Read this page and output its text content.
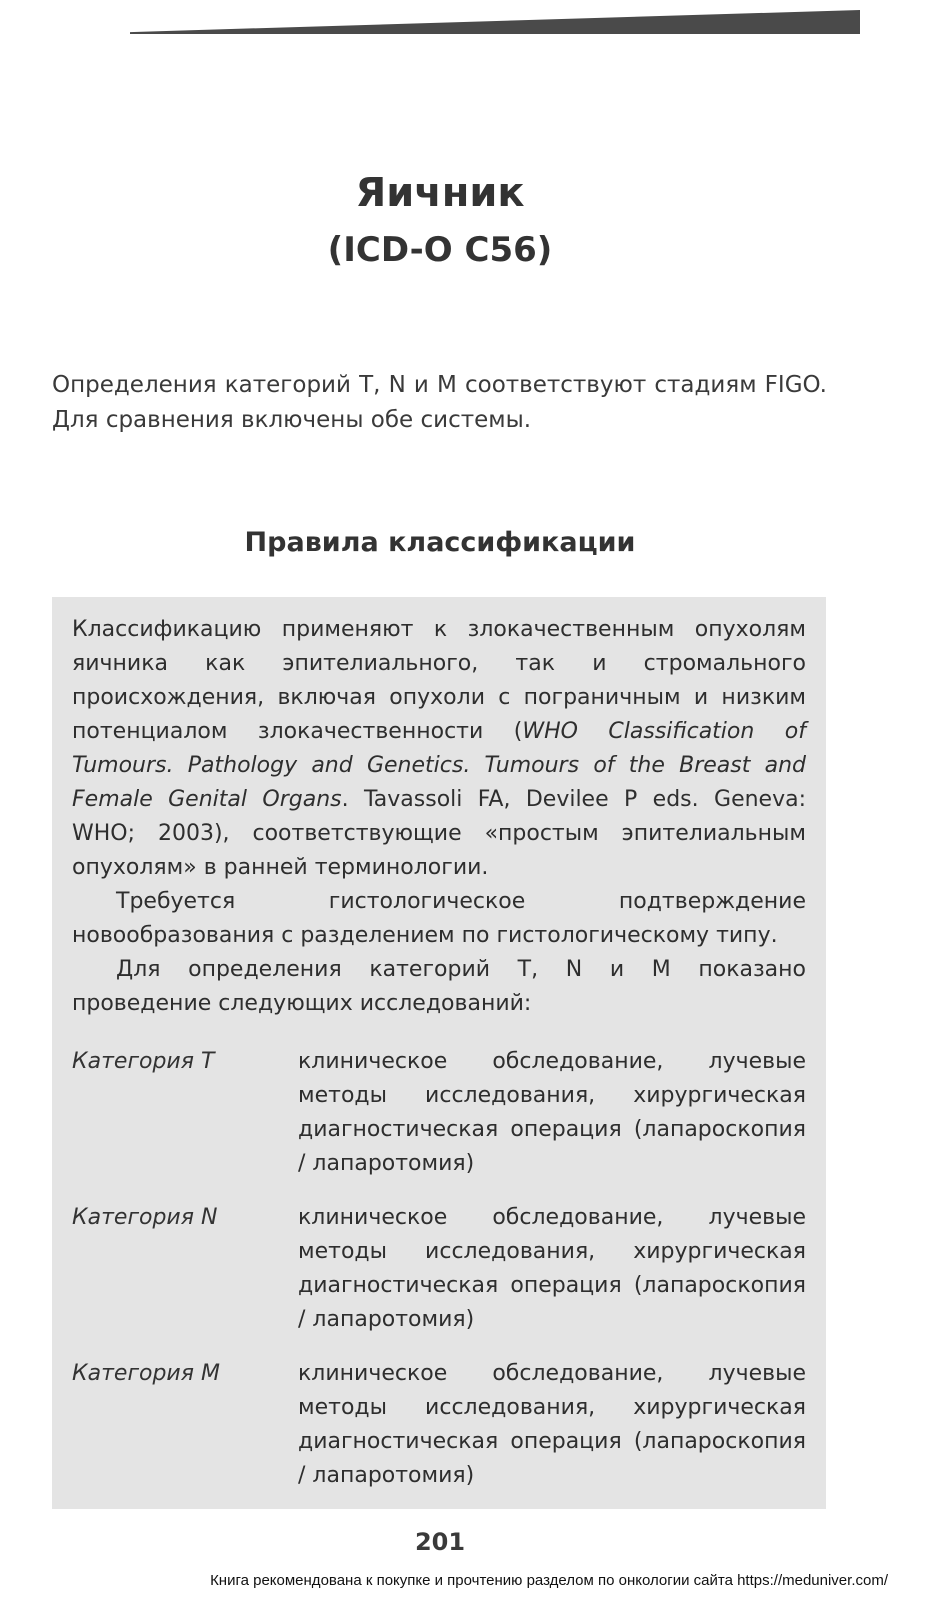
Яичник
(ICD-O C56)
Определения категорий T, N и M соответствуют стадиям FIGO. Для сравнения включены обе системы.
Правила классификации

Классификацию применяют к злокачественным опухолям яичника как эпителиального, так и стромального происхождения, включая опухоли с пограничным и низким потенциалом злокачественности (WHO Classification of Tumours. Pathology and Genetics. Tumours of the Breast and Female Genital Organs. Tavassoli FA, Devilee P eds. Geneva: WHO; 2003), соответствующие «простым эпителиальным опухолям» в ранней терминологии.

Требуется гистологическое подтверждение новообразования с разделением по гистологическому типу.

Для определения категорий T, N и M показано проведение следующих исследований:

Категория T	клиническое обследование, лучевые методы исследования, хирургическая диагностическая операция (лапароскопия / лапаротомия)
Категория N	клиническое обследование, лучевые методы исследования, хирургическая диагностическая операция (лапароскопия / лапаротомия)
Категория M	клиническое обследование, лучевые методы исследования, хирургическая диагностическая операция (лапароскопия / лапаротомия)
201
Книга рекомендована к покупке и прочтению разделом по онкологии сайта https://meduniver.com/
